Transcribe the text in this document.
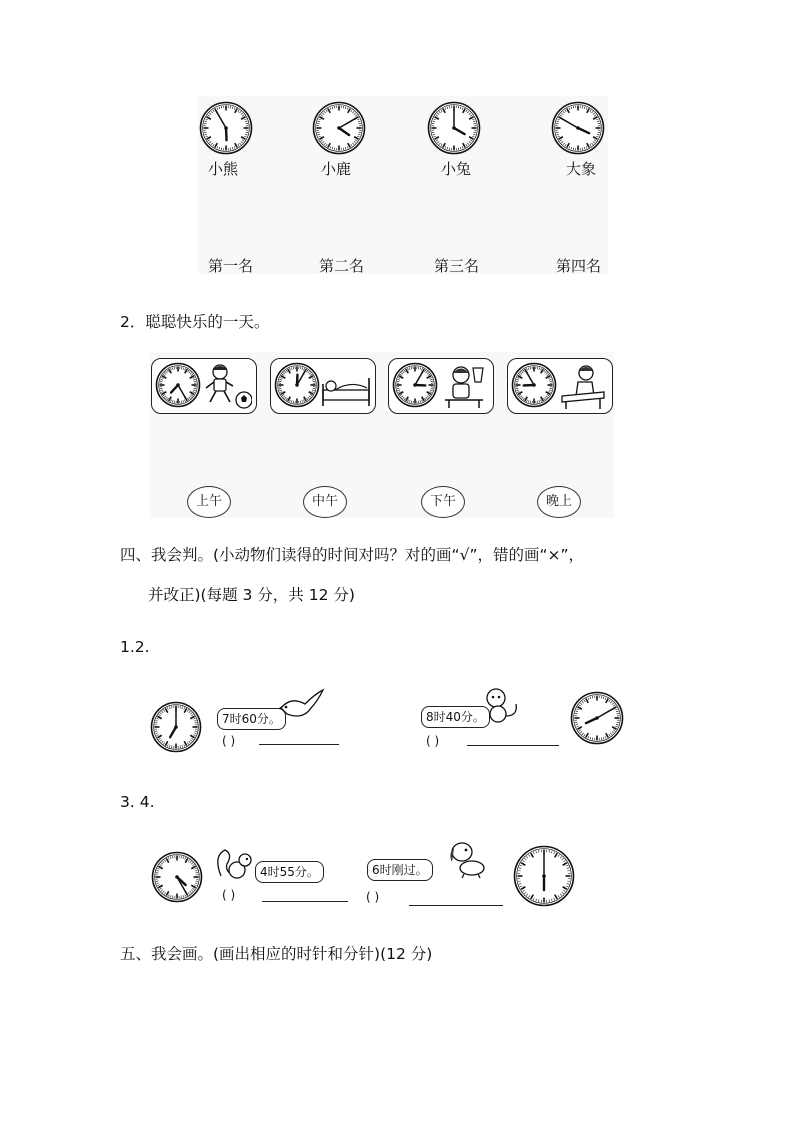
小熊	小鹿	小兔	大象
第一名	第二名	第三名	第四名
2．聪聪快乐的一天。
上午	中午	下午	晚上
四、我会判。(小动物们读得的时间对吗？对的画“√”，错的画“×”，
并改正)(每题 3 分，共 12 分)
1.2.
7时60分。
( )
8时40分。
( )
3. 4.
4时55分。
( )
6时刚过。
( )
五、我会画。(画出相应的时针和分针)(12 分)
